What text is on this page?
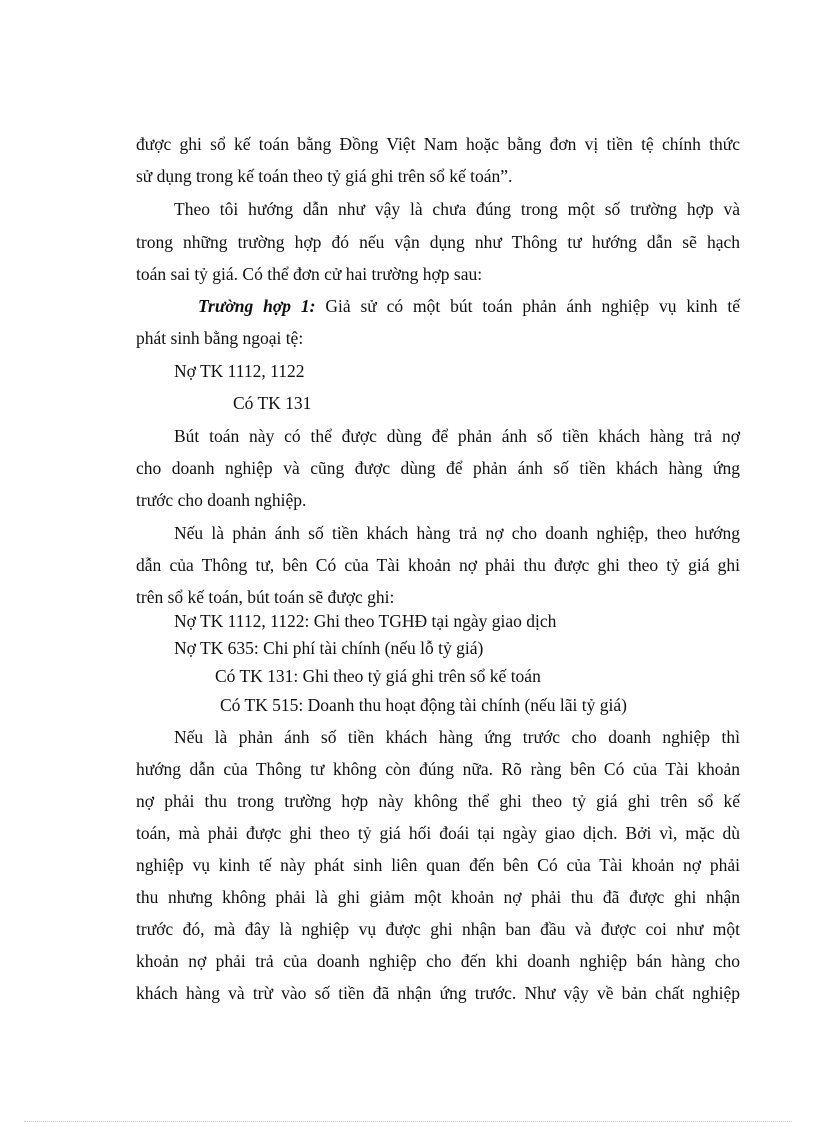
được ghi sổ kế toán bằng Đồng Việt Nam hoặc bằng đơn vị tiền tệ chính thức
sử dụng trong kế toán theo tỷ giá ghi trên sổ kế toán”.
Theo tôi hướng dẫn như vậy là chưa đúng trong một số trường hợp và
trong những trường hợp đó nếu vận dụng như Thông tư hướng dẫn sẽ hạch
toán sai tỷ giá. Có thể đơn cử hai trường hợp sau:
Trường hợp 1: Giả sử có một bút toán phản ánh nghiệp vụ kinh tế
phát sinh bằng ngoại tệ:
Nợ TK 1112, 1122
Có TK 131
Bút toán này có thể được dùng để phản ánh số tiền khách hàng trả nợ
cho doanh nghiệp và cũng được dùng để phản ánh số tiền khách hàng ứng
trước cho doanh nghiệp.
Nếu là phản ánh số tiền khách hàng trả nợ cho doanh nghiệp, theo hướng
dẫn của Thông tư, bên Có của Tài khoản nợ phải thu được ghi theo tỷ giá ghi
trên sổ kế toán, bút toán sẽ được ghi:
Nợ TK 1112, 1122: Ghi theo TGHĐ tại ngày giao dịch
Nợ TK 635: Chi phí tài chính (nếu lỗ tỷ giá)
Có TK 131: Ghi theo tỷ giá ghi trên sổ kế toán
Có TK 515: Doanh thu hoạt động tài chính (nếu lãi tỷ giá)
Nếu là phản ánh số tiền khách hàng ứng trước cho doanh nghiệp thì
hướng dẫn của Thông tư không còn đúng nữa. Rõ ràng bên Có của Tài khoản
nợ phải thu trong trường hợp này không thể ghi theo tỷ giá ghi trên sổ kế
toán, mà phải được ghi theo tỷ giá hối đoái tại ngày giao dịch. Bởi vì, mặc dù
nghiệp vụ kinh tế này phát sinh liên quan đến bên Có của Tài khoản nợ phải
thu nhưng không phải là ghi giảm một khoản nợ phải thu đã được ghi nhận
trước đó, mà đây là nghiệp vụ được ghi nhận ban đầu và được coi như một
khoản nợ phải trả của doanh nghiệp cho đến khi doanh nghiệp bán hàng cho
khách hàng và trừ vào số tiền đã nhận ứng trước. Như vậy về bản chất nghiệp
